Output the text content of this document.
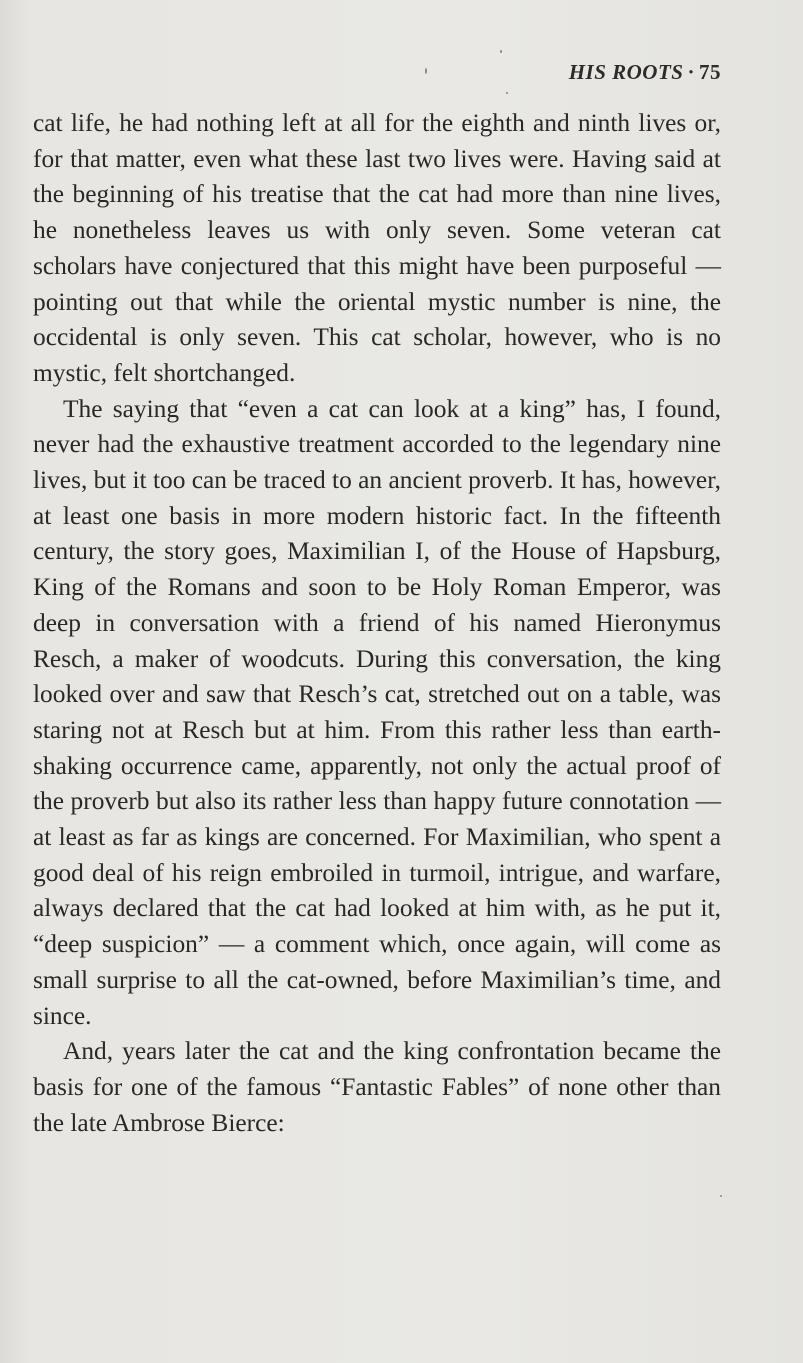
HIS ROOTS · 75

cat life, he had nothing left at all for the eighth and ninth lives or, for that matter, even what these last two lives were. Having said at the beginning of his treatise that the cat had more than nine lives, he nonetheless leaves us with only seven. Some veteran cat scholars have conjectured that this might have been purposeful — pointing out that while the oriental mystic number is nine, the occidental is only seven. This cat scholar, however, who is no mystic, felt shortchanged.

The saying that “even a cat can look at a king” has, I found, never had the exhaustive treatment accorded to the legendary nine lives, but it too can be traced to an ancient proverb. It has, however, at least one basis in more modern historic fact. In the fifteenth century, the story goes, Maximilian I, of the House of Hapsburg, King of the Romans and soon to be Holy Roman Emperor, was deep in conversation with a friend of his named Hieronymus Resch, a maker of woodcuts. During this conversation, the king looked over and saw that Resch’s cat, stretched out on a table, was staring not at Resch but at him. From this rather less than earth-shaking occurrence came, apparently, not only the actual proof of the proverb but also its rather less than happy future connotation — at least as far as kings are concerned. For Maximilian, who spent a good deal of his reign embroiled in turmoil, intrigue, and warfare, always declared that the cat had looked at him with, as he put it, “deep suspicion” — a comment which, once again, will come as small surprise to all the cat-owned, before Maximilian’s time, and since.

And, years later the cat and the king confrontation became the basis for one of the famous “Fantastic Fables” of none other than the late Ambrose Bierce:
